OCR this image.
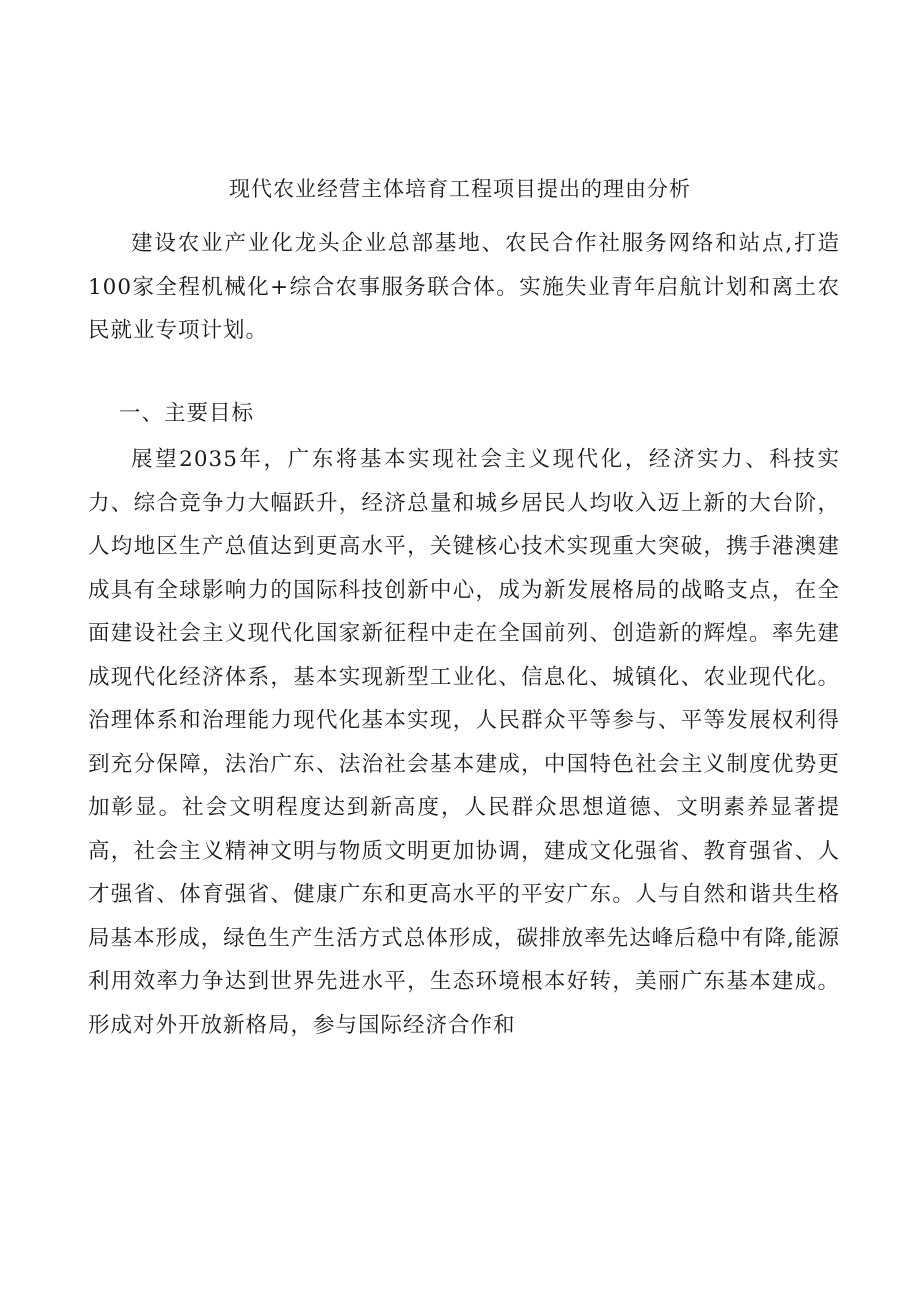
现代农业经营主体培育工程项目提出的理由分析

建设农业产业化龙头企业总部基地、农民合作社服务网络和站点,打造100家全程机械化+综合农事服务联合体。实施失业青年启航计划和离土农民就业专项计划。

一、主要目标

展望2035年，广东将基本实现社会主义现代化，经济实力、科技实力、综合竞争力大幅跃升，经济总量和城乡居民人均收入迈上新的大台阶，人均地区生产总值达到更高水平，关键核心技术实现重大突破，携手港澳建成具有全球影响力的国际科技创新中心，成为新发展格局的战略支点，在全面建设社会主义现代化国家新征程中走在全国前列、创造新的辉煌。率先建成现代化经济体系，基本实现新型工业化、信息化、城镇化、农业现代化。治理体系和治理能力现代化基本实现，人民群众平等参与、平等发展权利得到充分保障，法治广东、法治社会基本建成，中国特色社会主义制度优势更加彰显。社会文明程度达到新高度，人民群众思想道德、文明素养显著提高，社会主义精神文明与物质文明更加协调，建成文化强省、教育强省、人才强省、体育强省、健康广东和更高水平的平安广东。人与自然和谐共生格局基本形成，绿色生产生活方式总体形成，碳排放率先达峰后稳中有降,能源利用效率力争达到世界先进水平，生态环境根本好转，美丽广东基本建成。形成对外开放新格局，参与国际经济合作和
